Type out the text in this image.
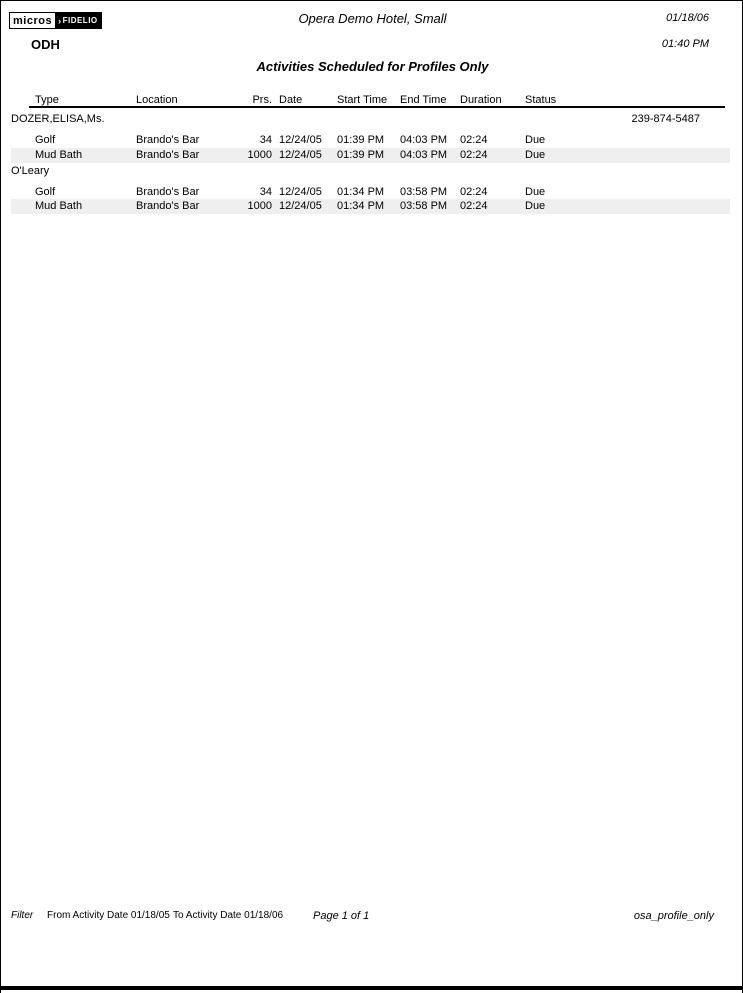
micros › FIDELIO	Opera Demo Hotel, Small	01/18/06
ODH	01:40 PM
Activities Scheduled for Profiles Only
Type	Location	Prs. Date	Start Time End Time Duration Status
DOZER,ELISA,Ms.	239-874-5487
Golf	Brando's Bar	34 12/24/05 01:39 PM 04:03 PM 02:24	Due
Mud Bath	Brando's Bar	1000 12/24/05 01:39 PM 04:03 PM 02:24	Due
O'Leary
Golf	Brando's Bar	34 12/24/05 01:34 PM 03:58 PM 02:24	Due
Mud Bath	Brando's Bar	1000 12/24/05 01:34 PM 03:58 PM 02:24	Due
Filter From Activity Date 01/18/05 To Activity Date 01/18/06	Page 1 of 1	osa_profile_only
